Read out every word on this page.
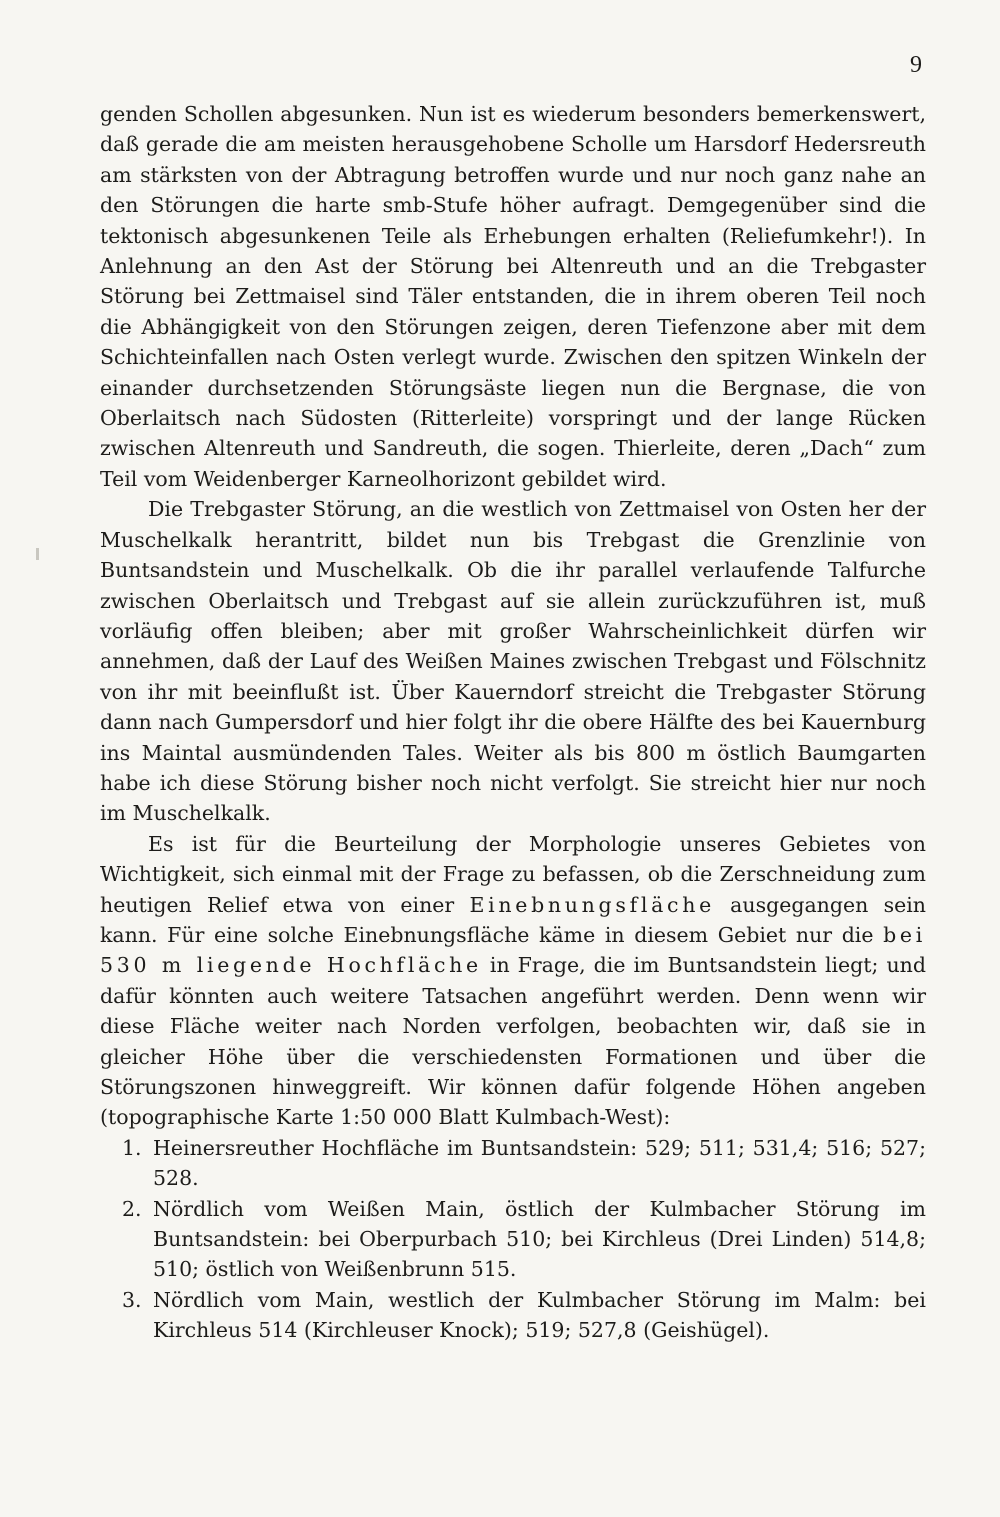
9

genden Schollen abgesunken. Nun ist es wiederum besonders bemerkenswert, daß gerade die am meisten herausgehobene Scholle um Harsdorf Hedersreuth am stärksten von der Abtragung betroffen wurde und nur noch ganz nahe an den Störungen die harte smb-Stufe höher aufragt. Demgegenüber sind die tektonisch abgesunkenen Teile als Erhebungen erhalten (Reliefumkehr!). In Anlehnung an den Ast der Störung bei Altenreuth und an die Trebgaster Störung bei Zettmaisel sind Täler entstanden, die in ihrem oberen Teil noch die Abhängigkeit von den Störungen zeigen, deren Tiefenzone aber mit dem Schichteinfallen nach Osten verlegt wurde. Zwischen den spitzen Winkeln der einander durchsetzenden Störungsäste liegen nun die Bergnase, die von Oberlaitsch nach Südosten (Ritterleite) vorspringt und der lange Rücken zwischen Altenreuth und Sandreuth, die sogen. Thierleite, deren „Dach“ zum Teil vom Weidenberger Karneolhorizont gebildet wird.

Die Trebgaster Störung, an die westlich von Zettmaisel von Osten her der Muschelkalk herantritt, bildet nun bis Trebgast die Grenzlinie von Buntsandstein und Muschelkalk. Ob die ihr parallel verlaufende Talfurche zwischen Oberlaitsch und Trebgast auf sie allein zurückzuführen ist, muß vorläufig offen bleiben; aber mit großer Wahrscheinlichkeit dürfen wir annehmen, daß der Lauf des Weißen Maines zwischen Trebgast und Fölschnitz von ihr mit beeinflußt ist. Über Kauerndorf streicht die Trebgaster Störung dann nach Gumpersdorf und hier folgt ihr die obere Hälfte des bei Kauernburg ins Maintal ausmündenden Tales. Weiter als bis 800 m östlich Baumgarten habe ich diese Störung bisher noch nicht verfolgt. Sie streicht hier nur noch im Muschelkalk.

Es ist für die Beurteilung der Morphologie unseres Gebietes von Wichtigkeit, sich einmal mit der Frage zu befassen, ob die Zerschneidung zum heutigen Relief etwa von einer Einebnungsfläche ausgegangen sein kann. Für eine solche Einebnungsfläche käme in diesem Gebiet nur die bei 530 m liegende Hochfläche in Frage, die im Buntsandstein liegt; und dafür könnten auch weitere Tatsachen angeführt werden. Denn wenn wir diese Fläche weiter nach Norden verfolgen, beobachten wir, daß sie in gleicher Höhe über die verschiedensten Formationen und über die Störungszonen hinweggreift. Wir können dafür folgende Höhen angeben (topographische Karte 1:50 000 Blatt Kulmbach-West):

1. Heinersreuther Hochfläche im Buntsandstein: 529; 511; 531,4; 516; 527; 528.

2. Nördlich vom Weißen Main, östlich der Kulmbacher Störung im Buntsandstein: bei Oberpurbach 510; bei Kirchleus (Drei Linden) 514,8; 510; östlich von Weißenbrunn 515.

3. Nördlich vom Main, westlich der Kulmbacher Störung im Malm: bei Kirchleus 514 (Kirchleuser Knock); 519; 527,8 (Geishügel).
